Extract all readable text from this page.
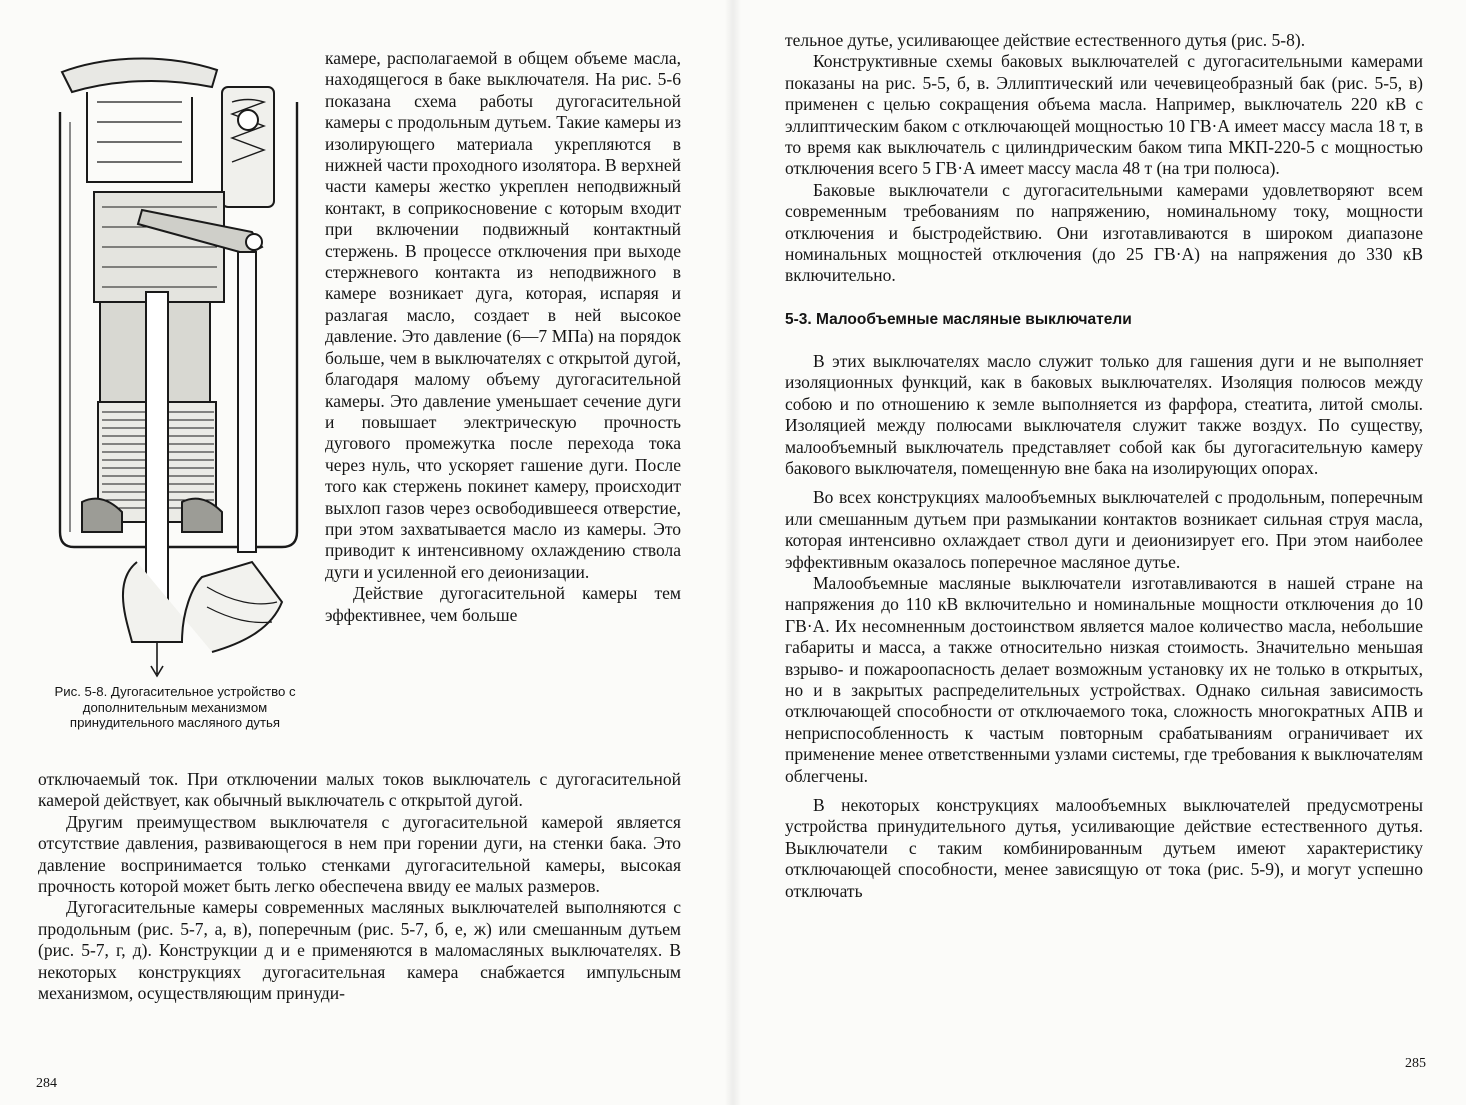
Рис. 5-8. Дугогасительное устройство с дополнительным механизмом принудительного масляного дутья

камере, располагаемой в общем объеме масла, находящегося в баке выключателя. На рис. 5-6 показана схема работы дугогасительной камеры с продольным дутьем. Такие камеры из изолирующего материала укрепляются в нижней части проходного изолятора. В верхней части камеры жестко укреплен неподвижный контакт, в соприкосновение с которым входит при включении подвижный контактный стержень. В процессе отключения при выходе стержневого контакта из неподвижного в камере возникает дуга, которая, испаряя и разлагая масло, создает в ней высокое давление. Это давление (6—7 МПа) на порядок больше, чем в выключателях с открытой дугой, благодаря малому объему дугогасительной камеры. Это давление уменьшает сечение дуги и повышает электрическую прочность дугового промежутка после перехода тока через нуль, что ускоряет гашение дуги. После того как стержень покинет камеру, происходит выхлоп газов через освободившееся отверстие, при этом захватывается масло из камеры. Это приводит к интенсивному охлаждению ствола дуги и усиленной его деионизации.

Действие дугогасительной камеры тем эффективнее, чем больше

отключаемый ток. При отключении малых токов выключатель с дугогасительной камерой действует, как обычный выключатель с открытой дугой.

Другим преимуществом выключателя с дугогасительной камерой является отсутствие давления, развивающегося в нем при горении дуги, на стенки бака. Это давление воспринимается только стенками дугогасительной камеры, высокая прочность которой может быть легко обеспечена ввиду ее малых размеров.

Дугогасительные камеры современных масляных выключателей выполняются с продольным (рис. 5-7, а, в), поперечным (рис. 5-7, б, е, ж) или смешанным дутьем (рис. 5-7, г, д). Конструкции д и е применяются в маломасляных выключателях. В некоторых конструкциях дугогасительная камера снабжается импульсным механизмом, осуществляющим принуди-

284

тельное дутье, усиливающее действие естественного дутья (рис. 5-8).

Конструктивные схемы баковых выключателей с дугогасительными камерами показаны на рис. 5-5, б, в. Эллиптический или чечевицеобразный бак (рис. 5-5, в) применен с целью сокращения объема масла. Например, выключатель 220 кВ с эллиптическим баком с отключающей мощностью 10 ГВ·А имеет массу масла 18 т, в то время как выключатель с цилиндрическим баком типа МКП-220-5 с мощностью отключения всего 5 ГВ·А имеет массу масла 48 т (на три полюса).

Баковые выключатели с дугогасительными камерами удовлетворяют всем современным требованиям по напряжению, номинальному току, мощности отключения и быстродействию. Они изготавливаются в широком диапазоне номинальных мощностей отключения (до 25 ГВ·А) на напряжения до 330 кВ включительно.

5-3. Малообъемные масляные выключатели

В этих выключателях масло служит только для гашения дуги и не выполняет изоляционных функций, как в баковых выключателях. Изоляция полюсов между собою и по отношению к земле выполняется из фарфора, стеатита, литой смолы. Изоляцией между полюсами выключателя служит также воздух. По существу, малообъемный выключатель представляет собой как бы дугогасительную камеру бакового выключателя, помещенную вне бака на изолирующих опорах.

Во всех конструкциях малообъемных выключателей с продольным, поперечным или смешанным дутьем при размыкании контактов возникает сильная струя масла, которая интенсивно охлаждает ствол дуги и деионизирует его. При этом наиболее эффективным оказалось поперечное масляное дутье.

Малообъемные масляные выключатели изготавливаются в нашей стране на напряжения до 110 кВ включительно и номинальные мощности отключения до 10 ГВ·А. Их несомненным достоинством является малое количество масла, небольшие габариты и масса, а также относительно низкая стоимость. Значительно меньшая взрыво- и пожароопасность делает возможным установку их не только в открытых, но и в закрытых распределительных устройствах. Однако сильная зависимость отключающей способности от отключаемого тока, сложность многократных АПВ и неприспособленность к частым повторным срабатываниям ограничивает их применение менее ответственными узлами системы, где требования к выключателям облегчены.

В некоторых конструкциях малообъемных выключателей предусмотрены устройства принудительного дутья, усиливающие действие естественного дутья. Выключатели с таким комбинированным дутьем имеют характеристику отключающей способности, менее зависящую от тока (рис. 5-9), и могут успешно отключать

285
